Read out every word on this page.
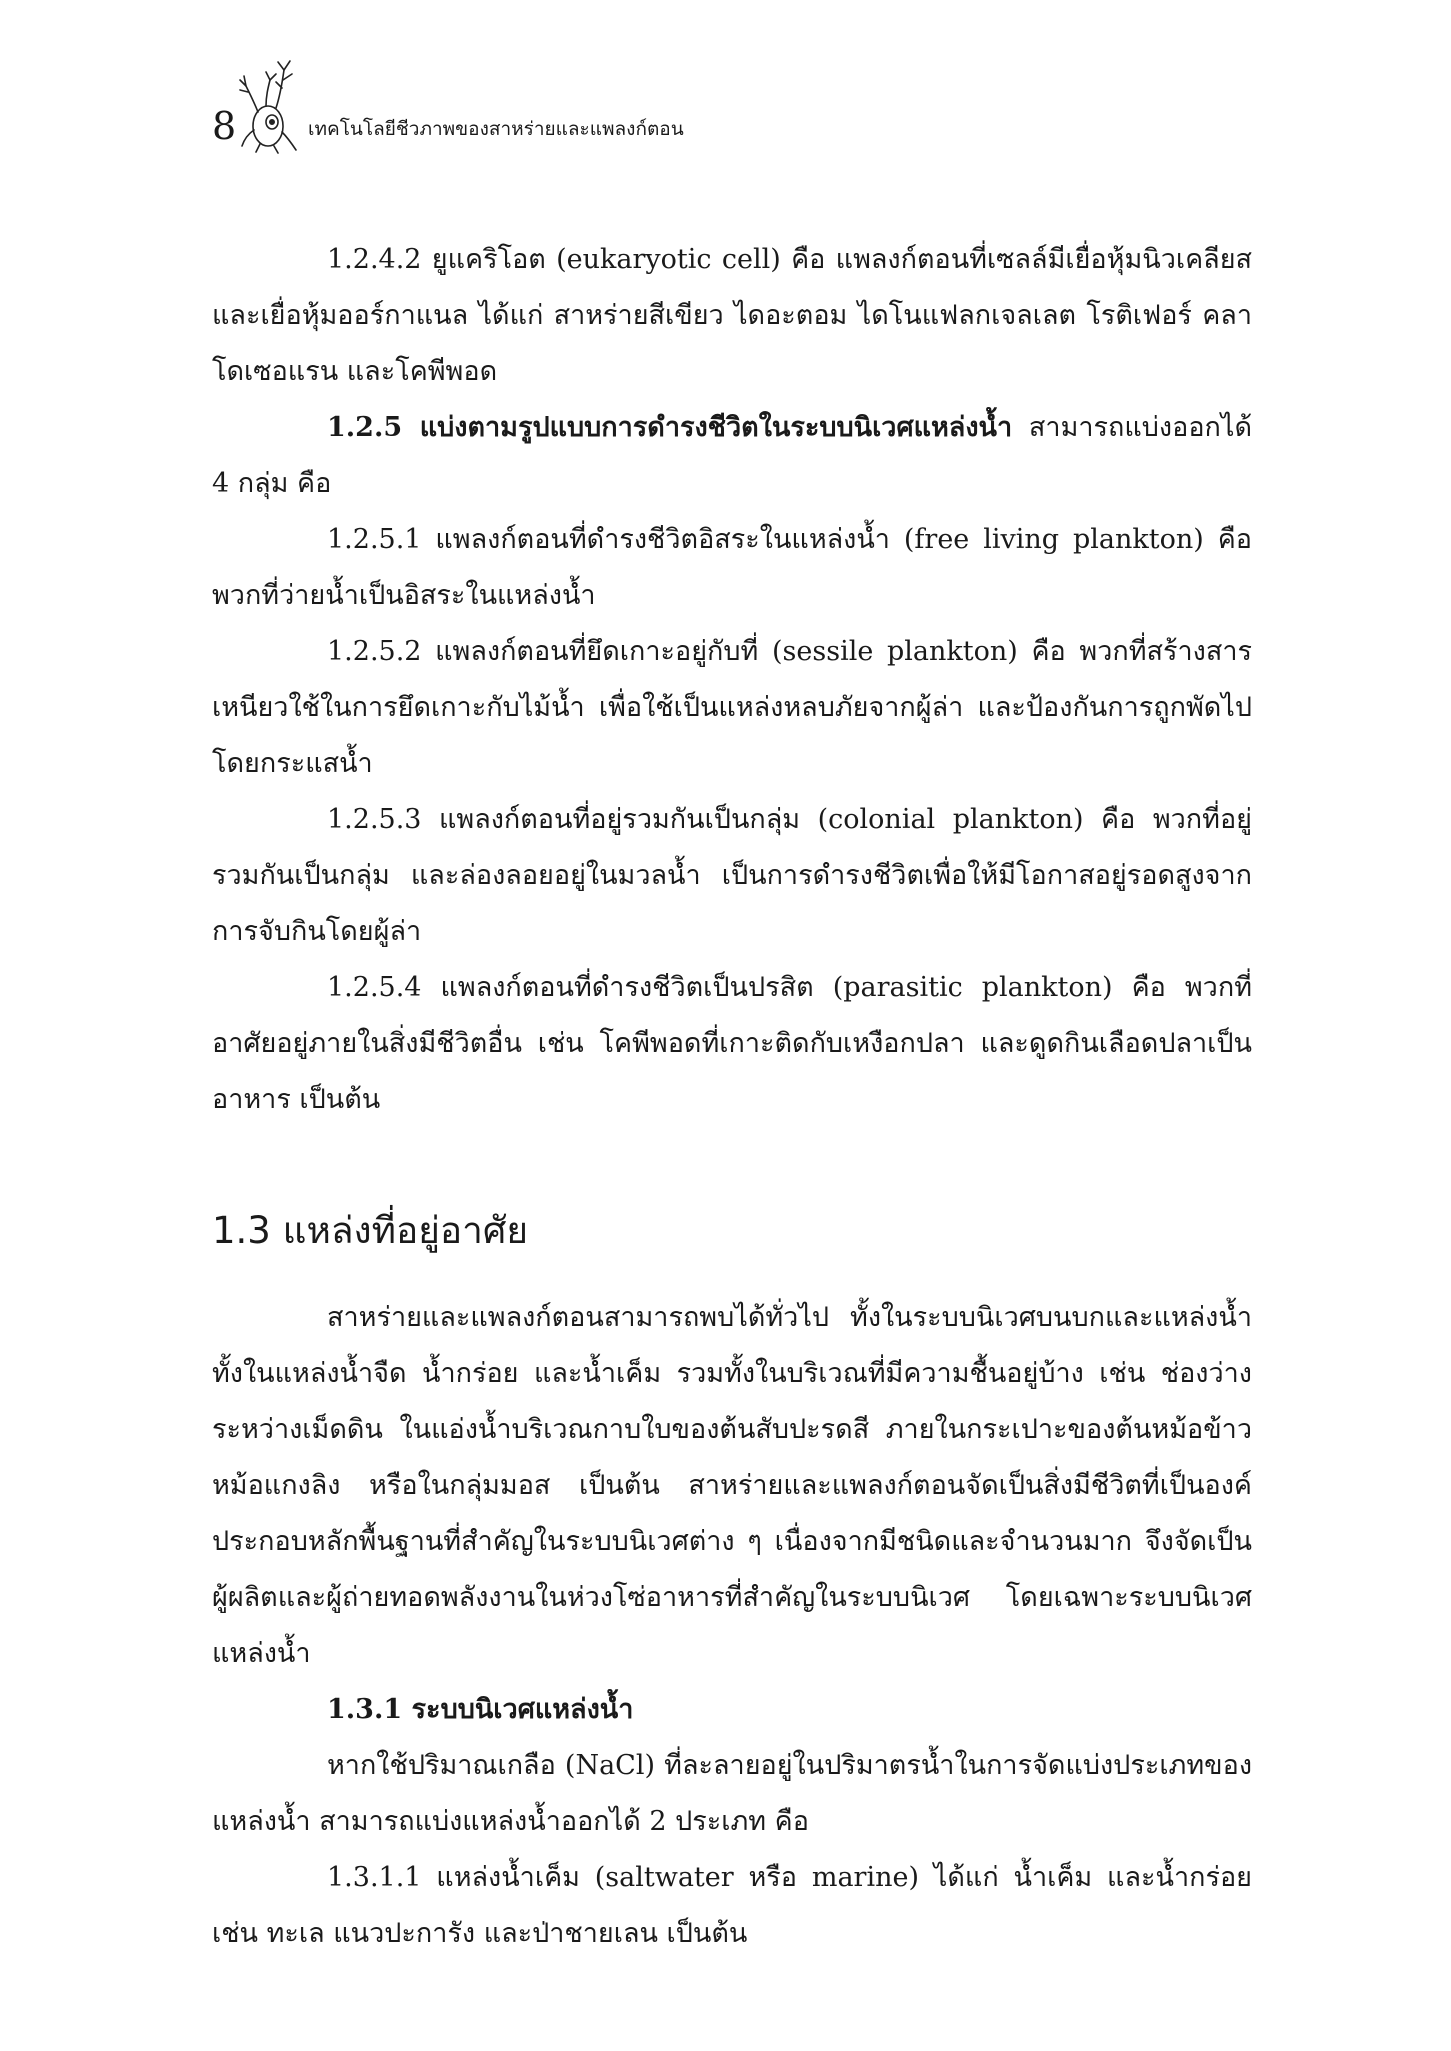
8	เทคโนโลยีชีวภาพของสาหร่ายและแพลงก์ตอน

1.2.4.2 ยูแคริโอต (eukaryotic cell) คือ แพลงก์ตอนที่เซลล์มีเยื่อหุ้มนิวเคลียส และเยื่อหุ้มออร์กาแนล ได้แก่ สาหร่ายสีเขียว ไดอะตอม ไดโนแฟลกเจลเลต โรติเฟอร์ คลาโดเซอแรน และโคพีพอด

1.2.5 แบ่งตามรูปแบบการดำรงชีวิตในระบบนิเวศแหล่งน้ำ สามารถแบ่งออกได้ 4 กลุ่ม คือ

1.2.5.1 แพลงก์ตอนที่ดำรงชีวิตอิสระในแหล่งน้ำ (free living plankton) คือ พวกที่ว่ายน้ำเป็นอิสระในแหล่งน้ำ

1.2.5.2 แพลงก์ตอนที่ยึดเกาะอยู่กับที่ (sessile plankton) คือ พวกที่สร้างสารเหนียวใช้ในการยึดเกาะกับไม้น้ำ เพื่อใช้เป็นแหล่งหลบภัยจากผู้ล่า และป้องกันการถูกพัดไปโดยกระแสน้ำ

1.2.5.3 แพลงก์ตอนที่อยู่รวมกันเป็นกลุ่ม (colonial plankton) คือ พวกที่อยู่รวมกันเป็นกลุ่ม และล่องลอยอยู่ในมวลน้ำ เป็นการดำรงชีวิตเพื่อให้มีโอกาสอยู่รอดสูงจากการจับกินโดยผู้ล่า

1.2.5.4 แพลงก์ตอนที่ดำรงชีวิตเป็นปรสิต (parasitic plankton) คือ พวกที่อาศัยอยู่ภายในสิ่งมีชีวิตอื่น เช่น โคพีพอดที่เกาะติดกับเหงือกปลา และดูดกินเลือดปลาเป็นอาหาร เป็นต้น

1.3 แหล่งที่อยู่อาศัย

สาหร่ายและแพลงก์ตอนสามารถพบได้ทั่วไป ทั้งในระบบนิเวศบนบกและแหล่งน้ำ ทั้งในแหล่งน้ำจืด น้ำกร่อย และน้ำเค็ม รวมทั้งในบริเวณที่มีความชื้นอยู่บ้าง เช่น ช่องว่างระหว่างเม็ดดิน ในแอ่งน้ำบริเวณกาบใบของต้นสับปะรดสี ภายในกระเปาะของต้นหม้อข้าวหม้อแกงลิง หรือในกลุ่มมอส เป็นต้น สาหร่ายและแพลงก์ตอนจัดเป็นสิ่งมีชีวิตที่เป็นองค์ประกอบหลักพื้นฐานที่สำคัญในระบบนิเวศต่าง ๆ เนื่องจากมีชนิดและจำนวนมาก จึงจัดเป็นผู้ผลิตและผู้ถ่ายทอดพลังงานในห่วงโซ่อาหารที่สำคัญในระบบนิเวศ โดยเฉพาะระบบนิเวศแหล่งน้ำ

1.3.1 ระบบนิเวศแหล่งน้ำ

หากใช้ปริมาณเกลือ (NaCl) ที่ละลายอยู่ในปริมาตรน้ำในการจัดแบ่งประเภทของแหล่งน้ำ สามารถแบ่งแหล่งน้ำออกได้ 2 ประเภท คือ

1.3.1.1 แหล่งน้ำเค็ม (saltwater หรือ marine) ได้แก่ น้ำเค็ม และน้ำกร่อย เช่น ทะเล แนวปะการัง และป่าชายเลน เป็นต้น
